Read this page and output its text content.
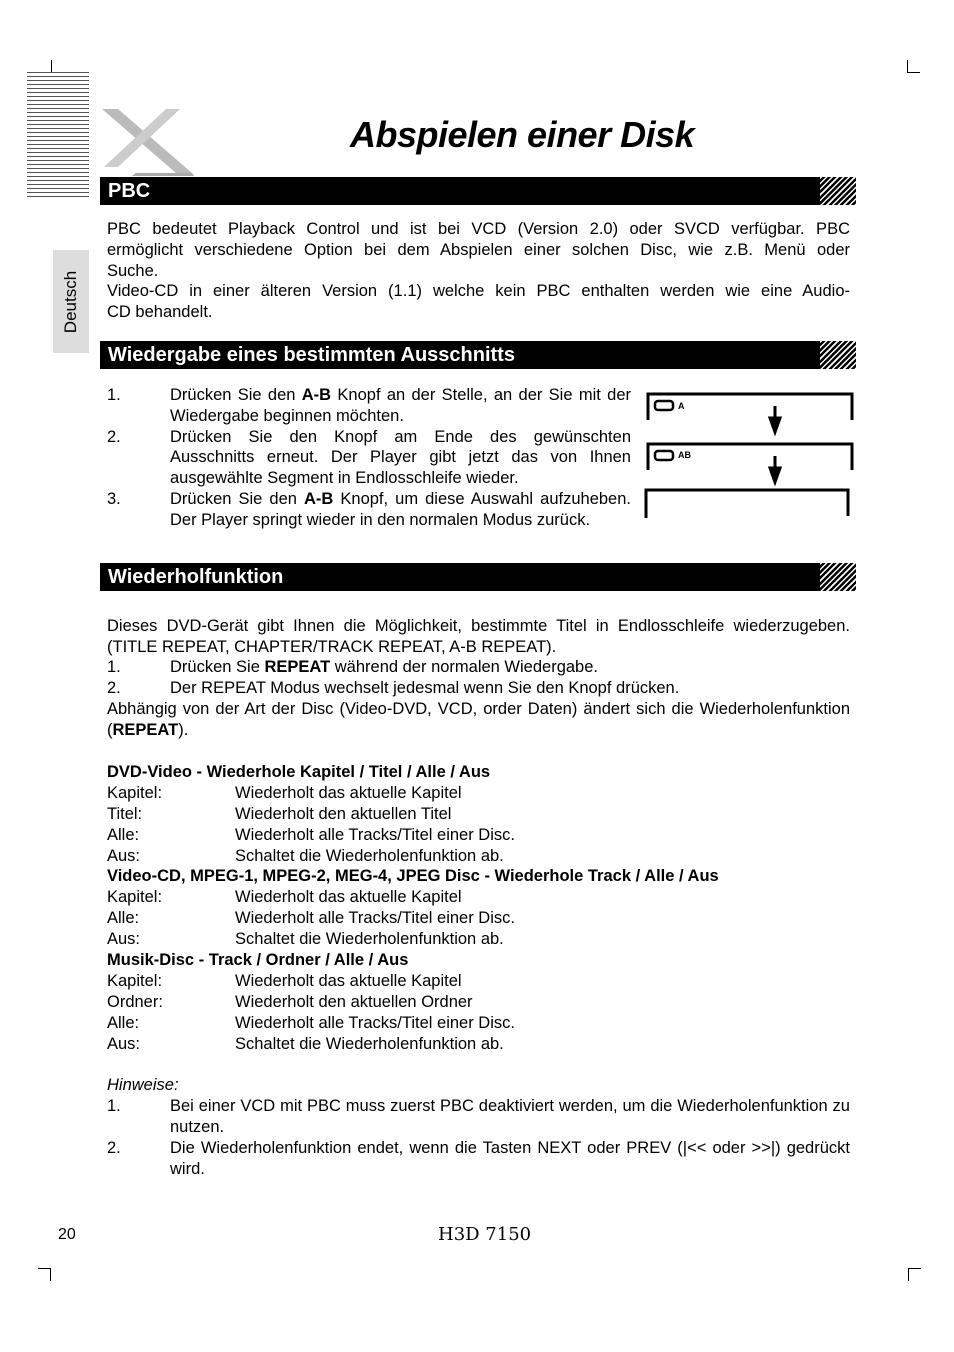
Abspielen einer Disk
Deutsch
PBC
PBC bedeutet Playback Control und ist bei VCD (Version 2.0) oder SVCD verfügbar. PBC
ermöglicht verschiedene Option bei dem Abspielen einer solchen Disc, wie z.B. Menü oder
Suche.
Video-CD in einer älteren Version (1.1) welche kein PBC enthalten werden wie eine Audio-
CD behandelt.
Wiedergabe eines bestimmten Ausschnitts
1.	Drücken Sie den A-B Knopf an der Stelle, an der Sie mit der Wiedergabe beginnen möchten.
2.	Drücken Sie den Knopf am Ende des gewünschten Ausschnitts erneut. Der Player gibt jetzt das von Ihnen ausgewählte Segment in Endlosschleife wieder.
3.	Drücken Sie den A-B Knopf, um diese Auswahl aufzuheben. Der Player springt wieder in den normalen Modus zurück.
A
AB
Wiederholfunktion
Dieses DVD-Gerät gibt Ihnen die Möglichkeit, bestimmte Titel in Endlosschleife wiederzugeben. (TITLE REPEAT, CHAPTER/TRACK REPEAT, A-B REPEAT).
1.	Drücken Sie REPEAT während der normalen Wiedergabe.
2.	Der REPEAT Modus wechselt jedesmal wenn Sie den Knopf drücken.
Abhängig von der Art der Disc (Video-DVD, VCD, order Daten) ändert sich die Wiederholenfunktion (REPEAT).
DVD-Video - Wiederhole Kapitel / Titel / Alle / Aus
Kapitel:	Wiederholt das aktuelle Kapitel
Titel:	Wiederholt den aktuellen Titel
Alle:	Wiederholt alle Tracks/Titel einer Disc.
Aus:	Schaltet die Wiederholenfunktion ab.
Video-CD, MPEG-1, MPEG-2, MEG-4, JPEG Disc - Wiederhole Track / Alle / Aus
Kapitel:	Wiederholt das aktuelle Kapitel
Alle:	Wiederholt alle Tracks/Titel einer Disc.
Aus:	Schaltet die Wiederholenfunktion ab.
Musik-Disc - Track / Ordner / Alle / Aus
Kapitel:	Wiederholt das aktuelle Kapitel
Ordner:	Wiederholt den aktuellen Ordner
Alle:	Wiederholt alle Tracks/Titel einer Disc.
Aus:	Schaltet die Wiederholenfunktion ab.
Hinweise:
1.	Bei einer VCD mit PBC muss zuerst PBC deaktiviert werden, um die Wiederholenfunktion zu nutzen.
2.	Die Wiederholenfunktion endet, wenn die Tasten NEXT oder PREV (|<< oder >>|) gedrückt wird.
20	H3D 7150
